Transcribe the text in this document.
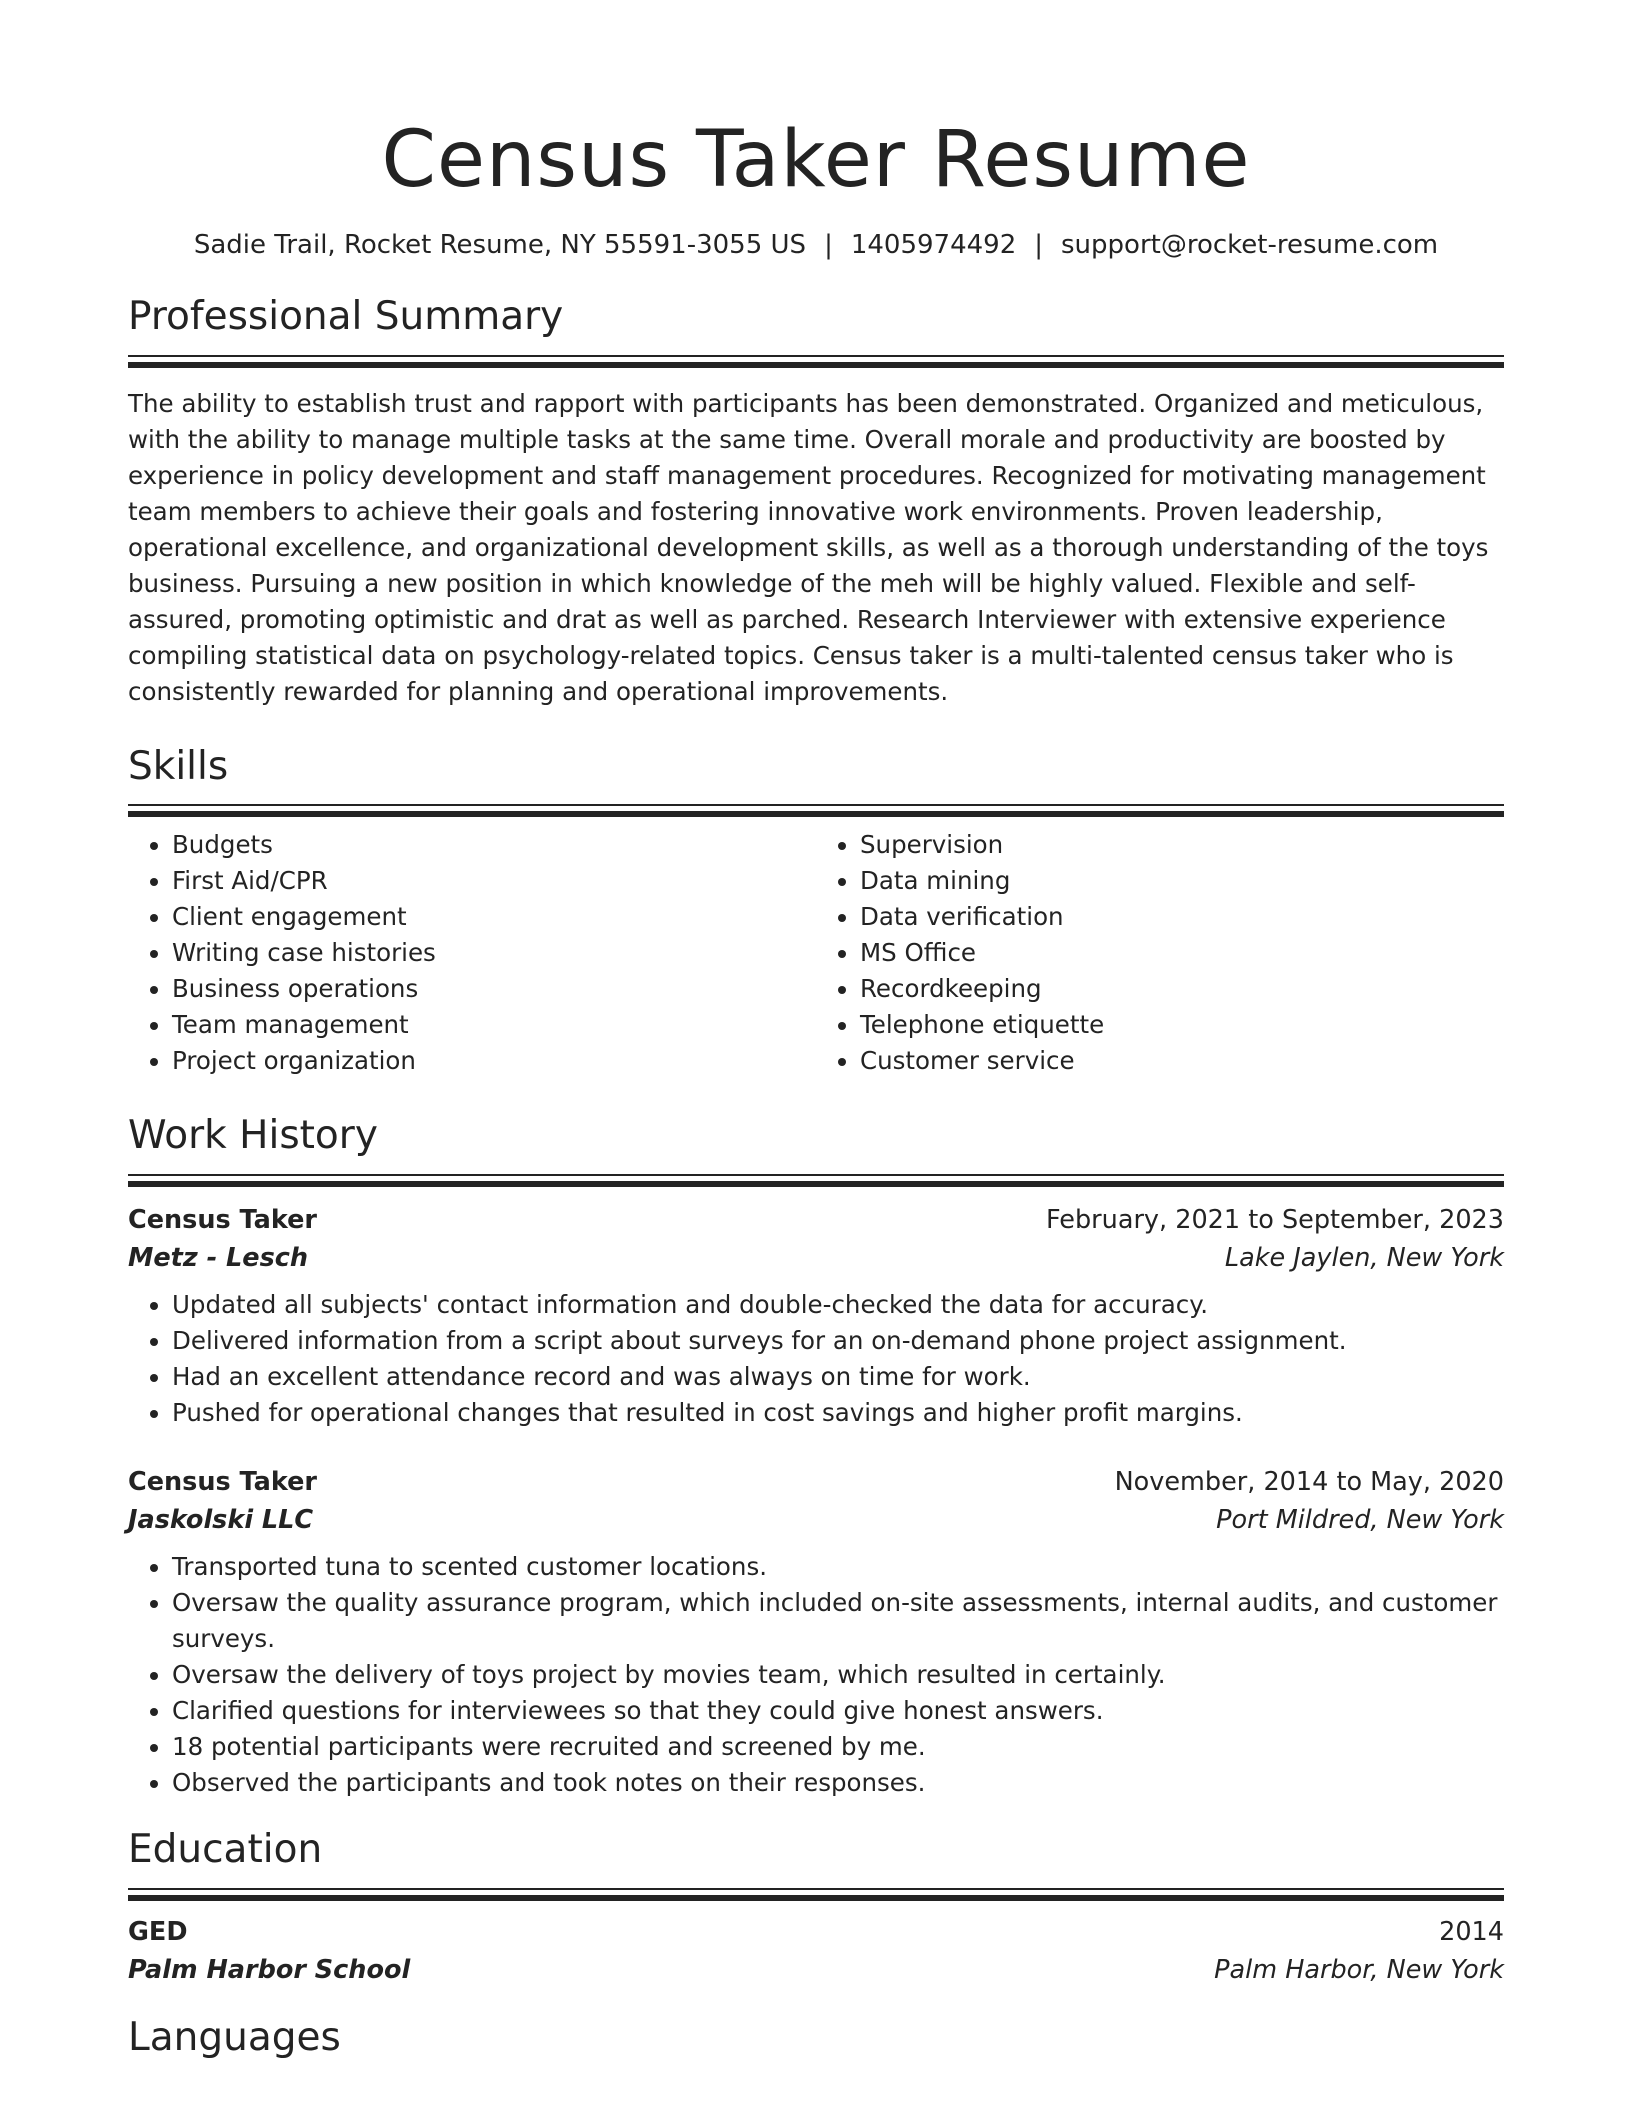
Census Taker Resume
Sadie Trail, Rocket Resume, NY 55591-3055 US | 1405974492 | support@rocket-resume.com
Professional Summary

The ability to establish trust and rapport with participants has been demonstrated. Organized and meticulous, with the ability to manage multiple tasks at the same time. Overall morale and productivity are boosted by experience in policy development and staff management procedures. Recognized for motivating management team members to achieve their goals and fostering innovative work environments. Proven leadership, operational excellence, and organizational development skills, as well as a thorough understanding of the toys business. Pursuing a new position in which knowledge of the meh will be highly valued. Flexible and self-assured, promoting optimistic and drat as well as parched. Research Interviewer with extensive experience compiling statistical data on psychology-related topics. Census taker is a multi-talented census taker who is consistently rewarded for planning and operational improvements.

Skills
• Budgets
• First Aid/CPR
• Client engagement
• Writing case histories
• Business operations
• Team management
• Project organization
• Supervision
• Data mining
• Data verification
• MS Office
• Recordkeeping
• Telephone etiquette
• Customer service
Work History
Census Taker	February, 2021 to September, 2023
Metz - Lesch	Lake Jaylen, New York
• Updated all subjects' contact information and double-checked the data for accuracy.
• Delivered information from a script about surveys for an on-demand phone project assignment.
• Had an excellent attendance record and was always on time for work.
• Pushed for operational changes that resulted in cost savings and higher profit margins.
Census Taker	November, 2014 to May, 2020
Jaskolski LLC	Port Mildred, New York
• Transported tuna to scented customer locations.
• Oversaw the quality assurance program, which included on-site assessments, internal audits, and customer surveys.
• Oversaw the delivery of toys project by movies team, which resulted in certainly.
• Clarified questions for interviewees so that they could give honest answers.
• 18 potential participants were recruited and screened by me.
• Observed the participants and took notes on their responses.
Education
GED	2014
Palm Harbor School	Palm Harbor, New York
Languages
